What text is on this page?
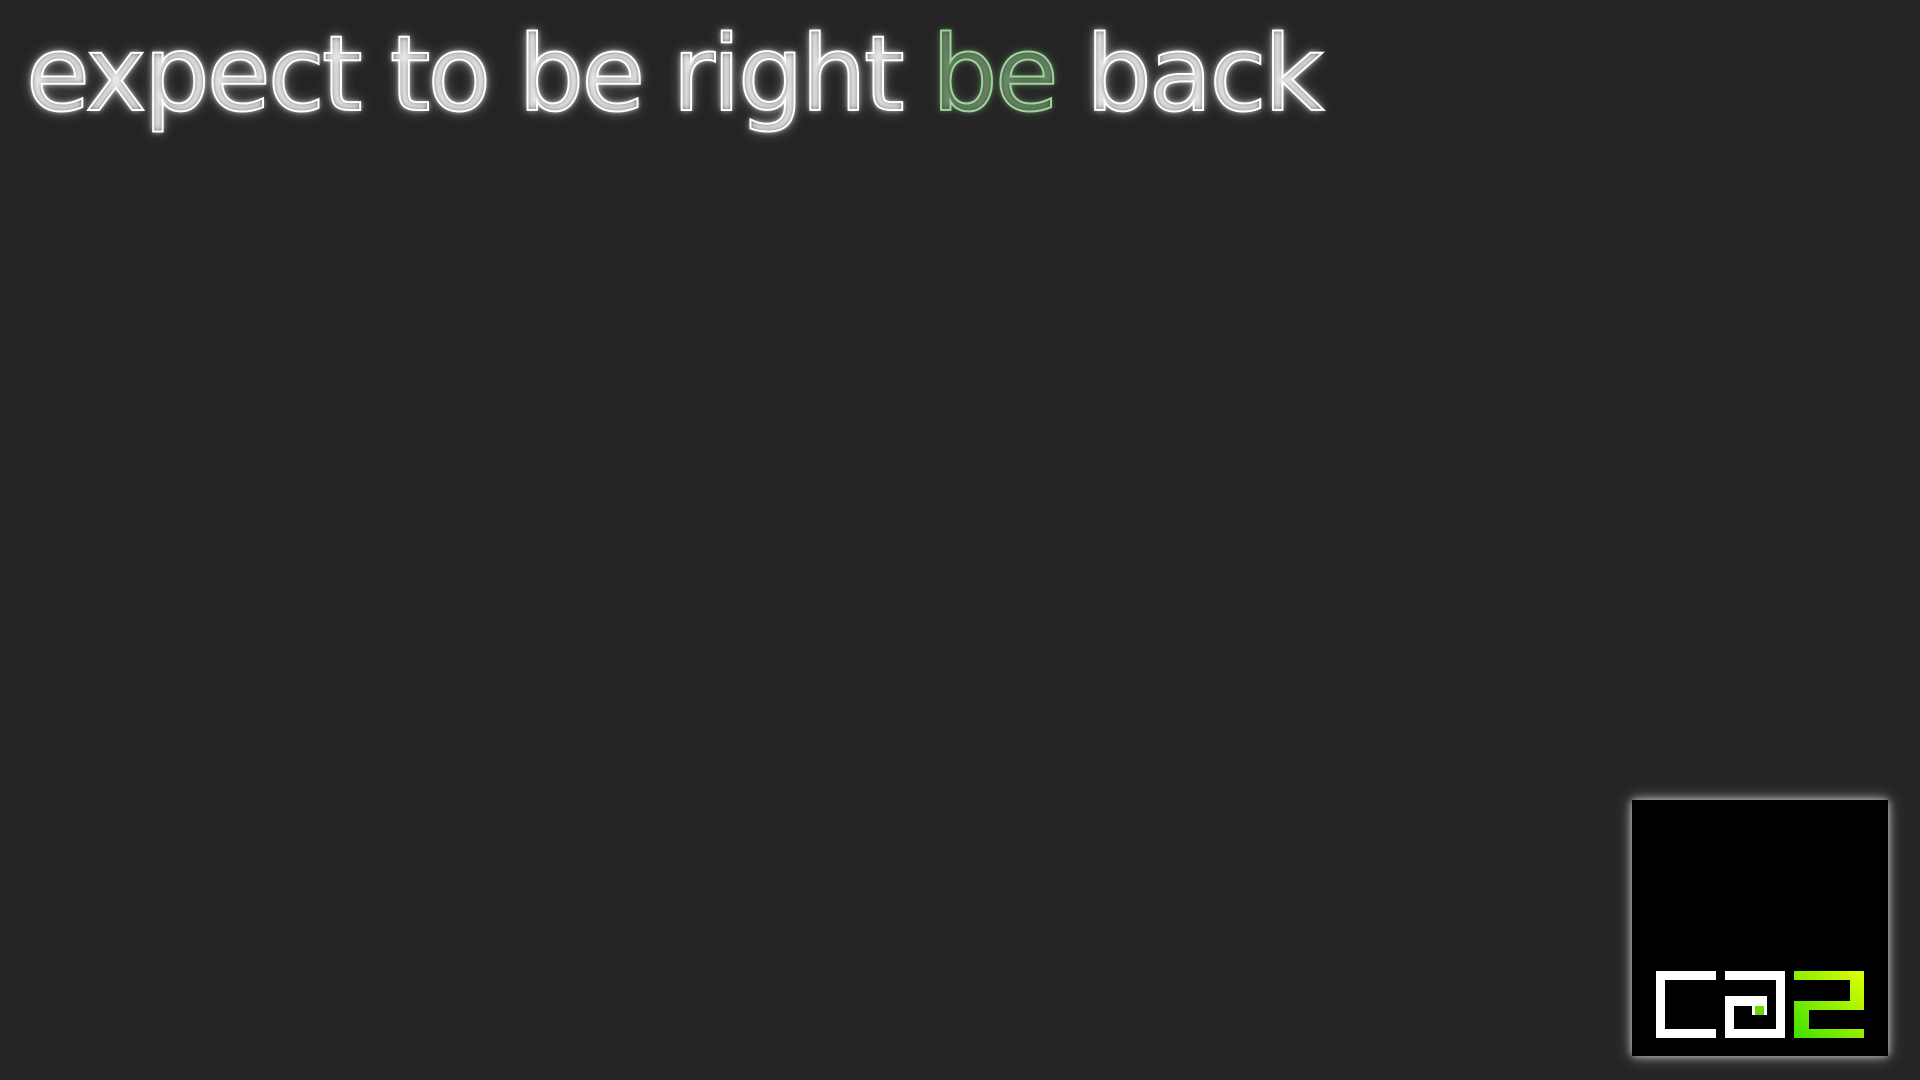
expect to be right be back
